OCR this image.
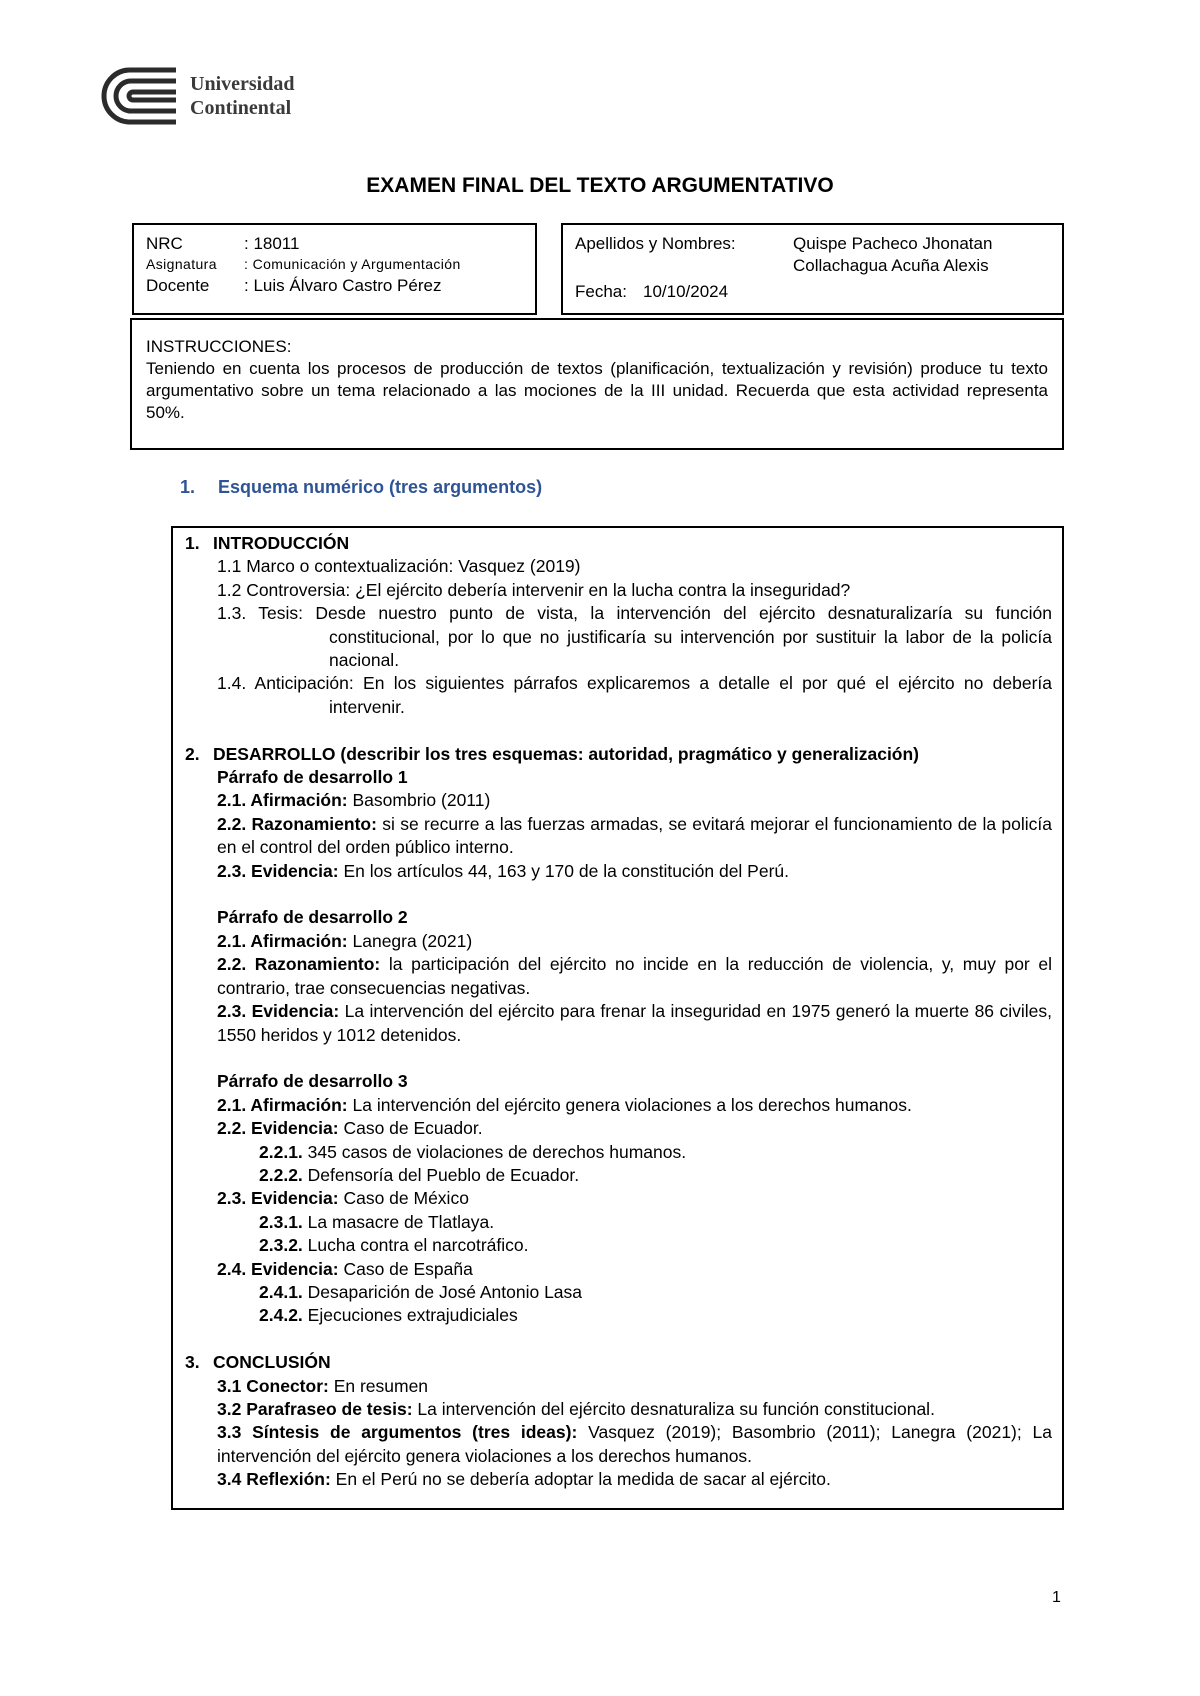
Universidad
Continental
EXAMEN FINAL DEL TEXTO ARGUMENTATIVO
NRC	: 18011
Asignatura	: Comunicación y Argumentación
Docente	: Luis Álvaro Castro Pérez
Apellidos y Nombres:	Quispe Pacheco Jhonatan
Collachagua Acuña Alexis
Fecha: 10/10/2024
INSTRUCCIONES:
Teniendo en cuenta los procesos de producción de textos (planificación, textualización y revisión) produce tu texto argumentativo sobre un tema relacionado a las mociones de la III unidad. Recuerda que esta actividad representa 50%.
1. Esquema numérico (tres argumentos)

1. INTRODUCCIÓN

1.1 Marco o contextualización: Vasquez (2019)

1.2 Controversia: ¿El ejército debería intervenir en la lucha contra la inseguridad?

1.3. Tesis: Desde nuestro punto de vista, la intervención del ejército desnaturalizaría su función constitucional, por lo que no justificaría su intervención por sustituir la labor de la policía nacional.

1.4. Anticipación: En los siguientes párrafos explicaremos a detalle el por qué el ejército no debería intervenir.

2. DESARROLLO (describir los tres esquemas: autoridad, pragmático y generalización)

Párrafo de desarrollo 1

2.1. Afirmación: Basombrio (2011)

2.2. Razonamiento: si se recurre a las fuerzas armadas, se evitará mejorar el funcionamiento de la policía en el control del orden público interno.

2.3. Evidencia: En los artículos 44, 163 y 170 de la constitución del Perú.

Párrafo de desarrollo 2

2.1. Afirmación: Lanegra (2021)

2.2. Razonamiento: la participación del ejército no incide en la reducción de violencia, y, muy por el contrario, trae consecuencias negativas.

2.3. Evidencia: La intervención del ejército para frenar la inseguridad en 1975 generó la muerte 86 civiles, 1550 heridos y 1012 detenidos.

Párrafo de desarrollo 3

2.1. Afirmación: La intervención del ejército genera violaciones a los derechos humanos.

2.2. Evidencia: Caso de Ecuador.

2.2.1. 345 casos de violaciones de derechos humanos.

2.2.2. Defensoría del Pueblo de Ecuador.

2.3. Evidencia: Caso de México

2.3.1. La masacre de Tlatlaya.

2.3.2. Lucha contra el narcotráfico.

2.4. Evidencia: Caso de España

2.4.1. Desaparición de José Antonio Lasa

2.4.2. Ejecuciones extrajudiciales

3. CONCLUSIÓN

3.1 Conector: En resumen

3.2 Parafraseo de tesis: La intervención del ejército desnaturaliza su función constitucional.

3.3 Síntesis de argumentos (tres ideas): Vasquez (2019); Basombrio (2011); Lanegra (2021); La intervención del ejército genera violaciones a los derechos humanos.

3.4 Reflexión: En el Perú no se debería adoptar la medida de sacar al ejército.

1
